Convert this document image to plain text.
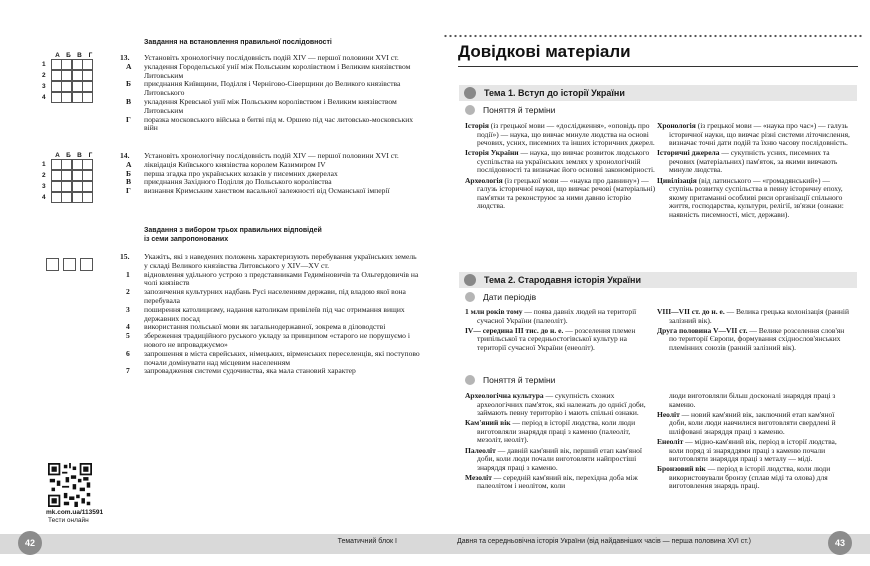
А Б В	Г
1
2
3
4
А Б В	Г
1
2
3
4
Завдання на встановлення правильної послідовності
13. Установіть хронологічну послідовність подій XIV — першої половини XVI ст.
А	укладення Городельської унії між Польським королівством і Великим князівством Литовським
Б	приєднання Київщини, Поділля і Чернігово-Сіверщини до Великого князівства Литовського
В	укладення Кревської унії між Польським королівством і Великим князівством Литовським
Г	поразка московського війська в битві під м. Оршею під час литовсько-московських війн
14. Установіть хронологічну послідовність подій XIV — першої половини XVI ст.
А	ліквідація Київського князівства королем Казимиром IV
Б	перша згадка про українських козаків у писемних джерелах
В	приєднання Західного Поділля до Польського королівства
Г	визнання Кримським ханством васальної залежності від Османської імперії
Завдання з вибором трьох правильних відповідей
із семи запропонованих
15. Укажіть, які з наведених положень характеризують перебування українських земель у складі Великого князівства Литовського у XIV—XV ст.
1	відновлення удільного устрою з представниками Гедиміновичів та Ольгердовичів на чолі князівств
2	запозичення культурних надбань Русі населенням держави, під владою якої вона перебувала
3	поширення католицизму, надання католикам привілеїв під час отримання вищих державних посад
4	використання польської мови як загальнодержавної, зокрема в діловодстві
5	збереження традиційного руського укладу за принципом «старого не порушуємо і нового не впроваджуємо»
6	запрошення в міста єврейських, німецьких, вірменських переселенців, які поступово почали домінувати над місцевим населенням
7	запровадження системи судочинства, яка мала становий характер
mk.com.ua/113591
Тести онлайн
42	Тематичний блок І
Довідкові матеріали
Тема 1. Вступ до історії України
Поняття й терміни

Історія (із грецької мови — «дослідження», «оповідь про події») — наука, що вивчає минуле людства на основі речових, усних, писемних та інших історичних джерел.

Історія України — наука, що вивчає розвиток людського суспільства на українських землях у хронологічній послідовності та визначає його основні закономірності.

Археологія (із грецької мови — «наука про давнину») — галузь історичної науки, що вивчає речові (матеріальні) пам'ятки та реконструює за ними давню історію людства.

Хронологія (із грецької мови — «наука про час») — галузь історичної науки, що вивчає різні системи літочислення, визначає точні дати подій та їхню часову послідовність.

Історичні джерела — сукупність усних, писемних та речових (матеріальних) пам'яток, за якими вивчають минуле людства.

Цивілізація (від латинського — «громадянський») — ступінь розвитку суспільства в певну історичну епоху, якому притаманні особливі риси організації спільного життя, господарства, культури, релігії, зв'язки (ознаки: наявність писемності, міст, держави).

Тема 2. Стародавня історія України
Дати періодів

1 млн років тому — поява давніх людей на території сучасної України (палеоліт).

IV— середина III тис. до н. е. — розселення племен трипільської та середньостогівської культур на території сучасної України (енеоліт).

VIII—VII ст. до н. е. — Велика грецька колонізація (ранній залізний вік).

Друга половина V—VII ст. — Велике розселення слов'ян по території Європи, формування східнослов'янських племінних союзів (ранній залізний вік).

Поняття й терміни

Археологічна культура — сукупність схожих археологічних пам'яток, які належать до однієї доби, займають певну територію і мають спільні ознаки.

Кам'яний вік — період в історії людства, коли люди виготовляли знаряддя праці з каменю (палеоліт, мезоліт, неоліт).

Палеоліт — давній кам'яний вік, перший етап кам'яної доби, коли люди почали виготовляти найпростіші знаряддя праці з каменю.

Мезоліт — середній кам'яний вік, перехідна доба між палеолітом і неолітом, коли

люди виготовляли більш досконалі знаряддя праці з каменю.

Неоліт — новий кам'яний вік, заключний етап кам'яної доби, коли люди навчилися виготовляти свердлені й шліфовані знаряддя праці з каменю.

Енеоліт — мідно-кам'яний вік, період в історії людства, коли поряд зі знаряддями праці з каменю почали виготовляти знаряддя праці з металу — міді.

Бронзовий вік — період в історії людства, коли люди використовували бронзу (сплав міді та олова) для виготовлення знарядь праці.

Давня та середньовічна історія України (від найдавніших часів — перша половина XVI ст.)	43
